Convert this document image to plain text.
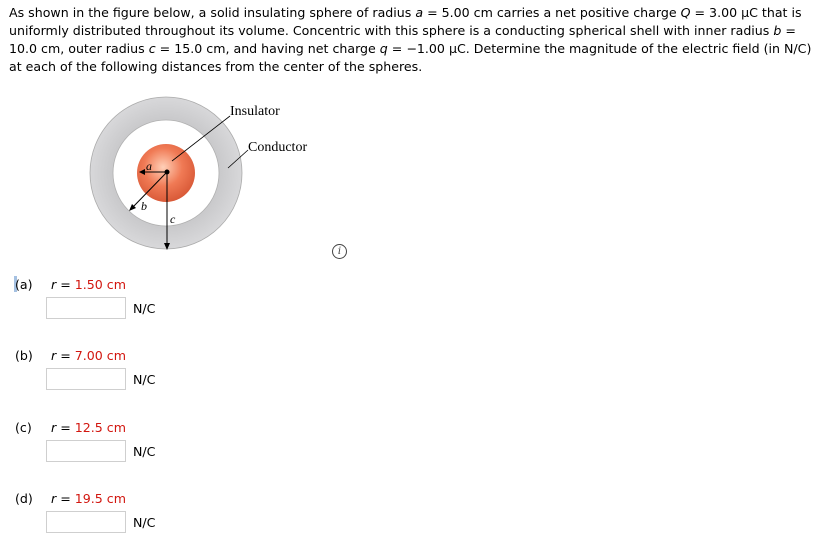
As shown in the figure below, a solid insulating sphere of radius a = 5.00 cm carries a net positive charge Q = 3.00 μC that is uniformly distributed throughout its volume. Concentric with this sphere is a conducting spherical shell with inner radius b = 10.0 cm, outer radius c = 15.0 cm, and having net charge q = −1.00 μC. Determine the magnitude of the electric field (in N/C) at each of the following distances from the center of the spheres.

Insulator
Conductor
a
b
c
i
(a) r = 1.50 cm
N/C
(b) r = 7.00 cm
N/C
(c) r = 12.5 cm
N/C
(d) r = 19.5 cm
N/C
